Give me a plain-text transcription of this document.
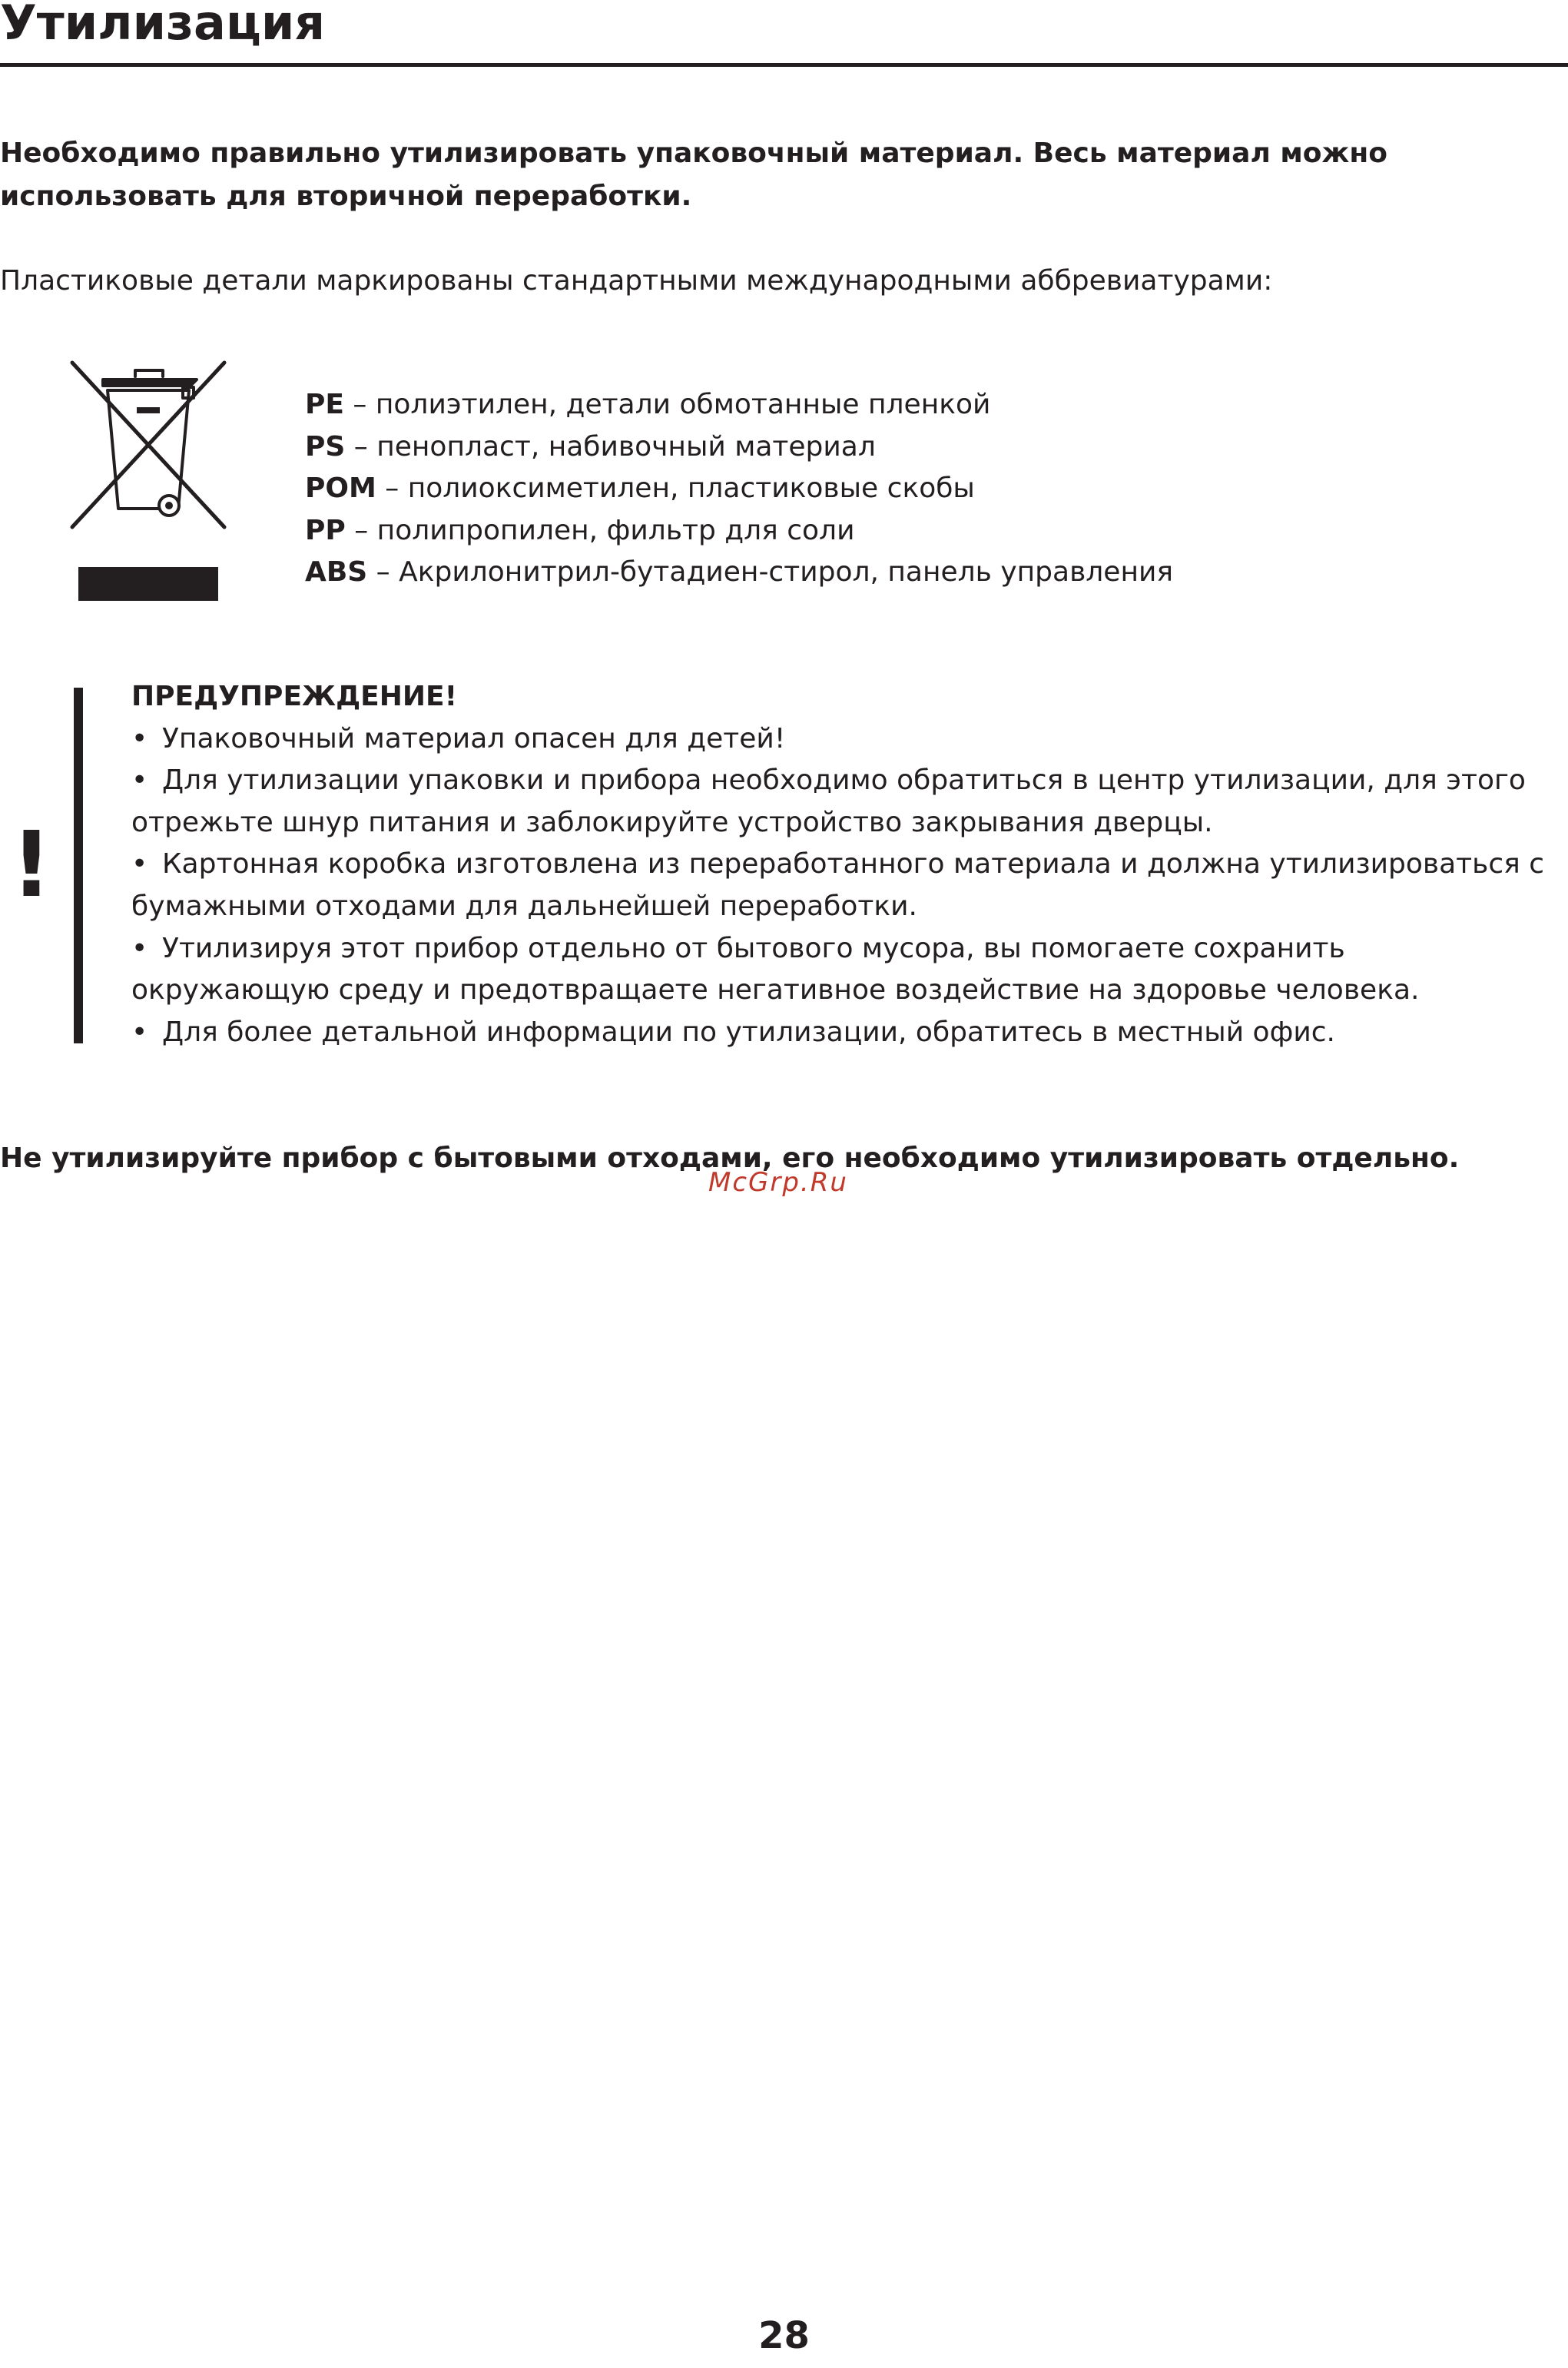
Утилизация

Необходимо правильно утилизировать упаковочный материал. Весь материал можно

использовать для вторичной переработки.

Пластиковые детали маркированы стандартными международными аббревиатурами:

PE – полиэтилен, детали обмотанные пленкой
PS – пенопласт, набивочный материал
POM – полиоксиметилен, пластиковые скобы
PP – полипропилен, фильтр для соли
ABS – Акрилонитрил-бутадиен-стирол, панель управления
!

ПРЕДУПРЕЖДЕНИЕ!

• Упаковочный материал опасен для детей!
• Для утилизации упаковки и прибора необходимо обратиться в центр утилизации, для этого
отрежьте шнур питания и заблокируйте устройство закрывания дверцы.
• Картонная коробка изготовлена из переработанного материала и должна утилизироваться с
бумажными отходами для дальнейшей переработки.
• Утилизируя этот прибор отдельно от бытового мусора, вы помогаете сохранить
окружающую среду и предотвращаете негативное воздействие на здоровье человека.
• Для более детальной информации по утилизации, обратитесь в местный офис.

Не утилизируйте прибор с бытовыми отходами, его необходимо утилизировать отдельно.

McGrp.Ru
28
